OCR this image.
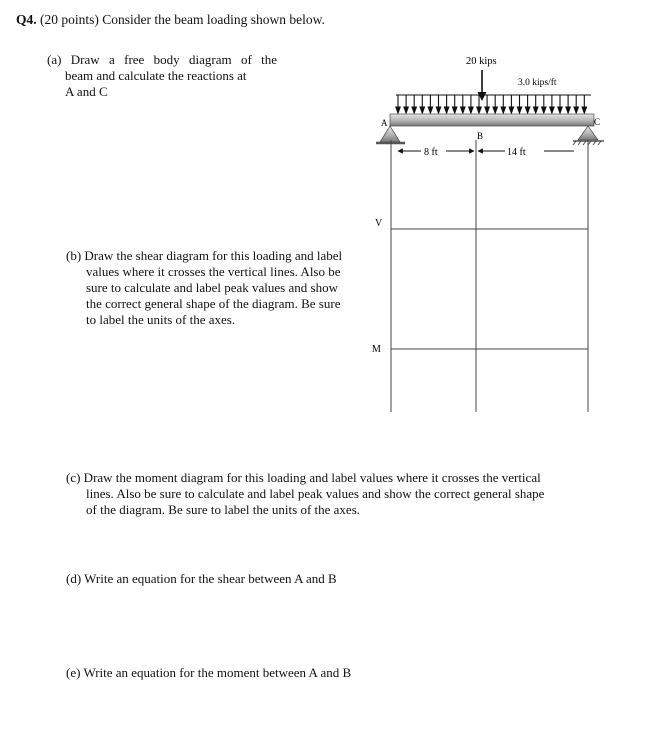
Q4. (20 points) Consider the beam loading shown below.
(a) Draw a free body diagram of the
beam and calculate the reactions at
A and C
(b) Draw the shear diagram for this loading and label
values where it crosses the vertical lines. Also be
sure to calculate and label peak values and show
the correct general shape of the diagram. Be sure
to label the units of the axes.
(c) Draw the moment diagram for this loading and label values where it crosses the vertical
lines. Also be sure to calculate and label peak values and show the correct general shape
of the diagram. Be sure to label the units of the axes.
(d) Write an equation for the shear between A and B
(e) Write an equation for the moment between A and B
20 kips
3.0 kips/ft
A
B
C
8 ft	14 ft
V
M
